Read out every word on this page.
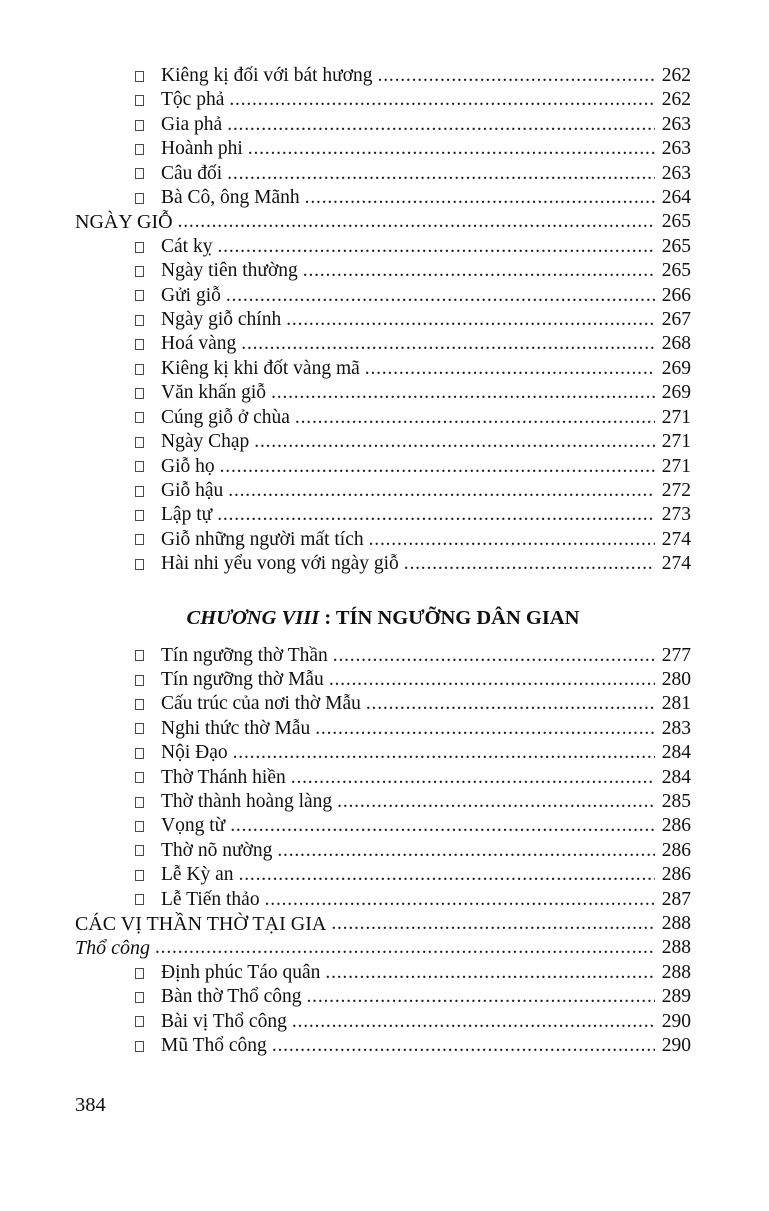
Kiêng kị đối với bát hương .....	262
Tộc phả .....	262
Gia phả .....	263
Hoành phi .....	263
Câu đối .....	263
Bà Cô, ông Mãnh .....	264
NGÀY GIỖ .....	265
Cát kỵ .....	265
Ngày tiên thường .....	265
Gửi giỗ .....	266
Ngày giỗ chính .....	267
Hoá vàng .....	268
Kiêng kị khi đốt vàng mã .....	269
Văn khấn giỗ .....	269
Cúng giỗ ở chùa .....	271
Ngày Chạp .....	271
Giỗ họ .....	271
Giỗ hậu .....	272
Lập tự .....	273
Giỗ những người mất tích .....	274
Hài nhi yểu vong với ngày giỗ .....	274
CHƯƠNG VIII : TÍN NGƯỠNG DÂN GIAN
Tín ngưỡng thờ Thần .....	277
Tín ngưỡng thờ Mẫu .....	280
Cấu trúc của nơi thờ Mẫu .....	281
Nghi thức thờ Mẫu .....	283
Nội Đạo .....	284
Thờ Thánh hiền .....	284
Thờ thành hoàng làng .....	285
Vọng từ .....	286
Thờ nõ nường .....	286
Lễ Kỳ an .....	286
Lễ Tiến thảo .....	287
CÁC VỊ THẦN THỜ TẠI GIA .....	288
Thổ công .....	288
Định phúc Táo quân .....	288
Bàn thờ Thổ công .....	289
Bài vị Thổ công .....	290
Mũ Thổ công .....	290
384
